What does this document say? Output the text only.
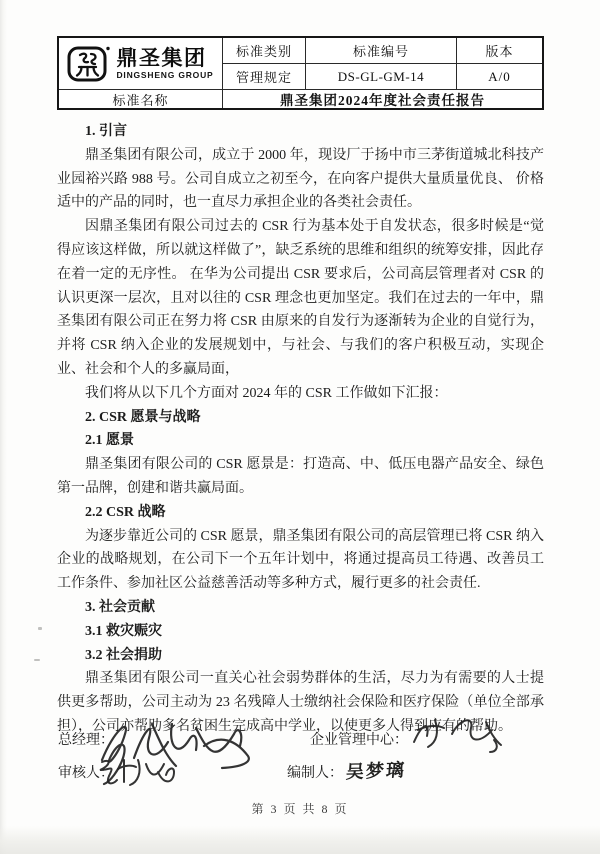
鼎圣集团
DINGSHENG GROUP
标准类别	标准编号	版本
管理规定	DS-GL-GM-14	A/0
标准名称	鼎圣集团2024年度社会责任报告

1. 引言

鼎圣集团有限公司，成立于 2000 年，现设厂于扬中市三茅街道城北科技产业园裕兴路 988 号。公司自成立之初至今，在向客户提供大量质量优良、 价格适中的产品的同时，也一直尽力承担企业的各类社会责任。

因鼎圣集团有限公司过去的 CSR 行为基本处于自发状态，很多时候是“觉得应该这样做，所以就这样做了”，缺乏系统的思维和组织的统筹安排，因此存在着一定的无序性。 在华为公司提出 CSR 要求后，公司高层管理者对 CSR 的认识更深一层次，且对以往的 CSR 理念也更加坚定。我们在过去的一年中，鼎圣集团有限公司正在努力将 CSR 由原来的自发行为逐渐转为企业的自觉行为，并将 CSR 纳入企业的发展规划中，与社会、与我们的客户积极互动，实现企业、社会和个人的多赢局面，

我们将从以下几个方面对 2024 年的 CSR 工作做如下汇报：

2. CSR 愿景与战略

2.1 愿景

鼎圣集团有限公司的 CSR 愿景是：打造高、中、低压电器产品安全、绿色第一品牌，创建和谐共赢局面。

2.2 CSR 战略

为逐步靠近公司的 CSR 愿景，鼎圣集团有限公司的高层管理已将 CSR 纳入企业的战略规划，在公司下一个五年计划中，将通过提高员工待遇、改善员工工作条件、参加社区公益慈善活动等多种方式，履行更多的社会责任.

3. 社会贡献

3.1 救灾赈灾

3.2 社会捐助

鼎圣集团有限公司一直关心社会弱势群体的生活，尽力为有需要的人士提供更多帮助，公司主动为 23 名残障人士缴纳社会保险和医疗保险（单位全部承担），公司亦帮助多名贫困生完成高中学业，以使更多人得到应有的帮助。

总经理：	企业管理中心：
审核人：	编制人： 吴梦璃
第 3 页 共 8 页
